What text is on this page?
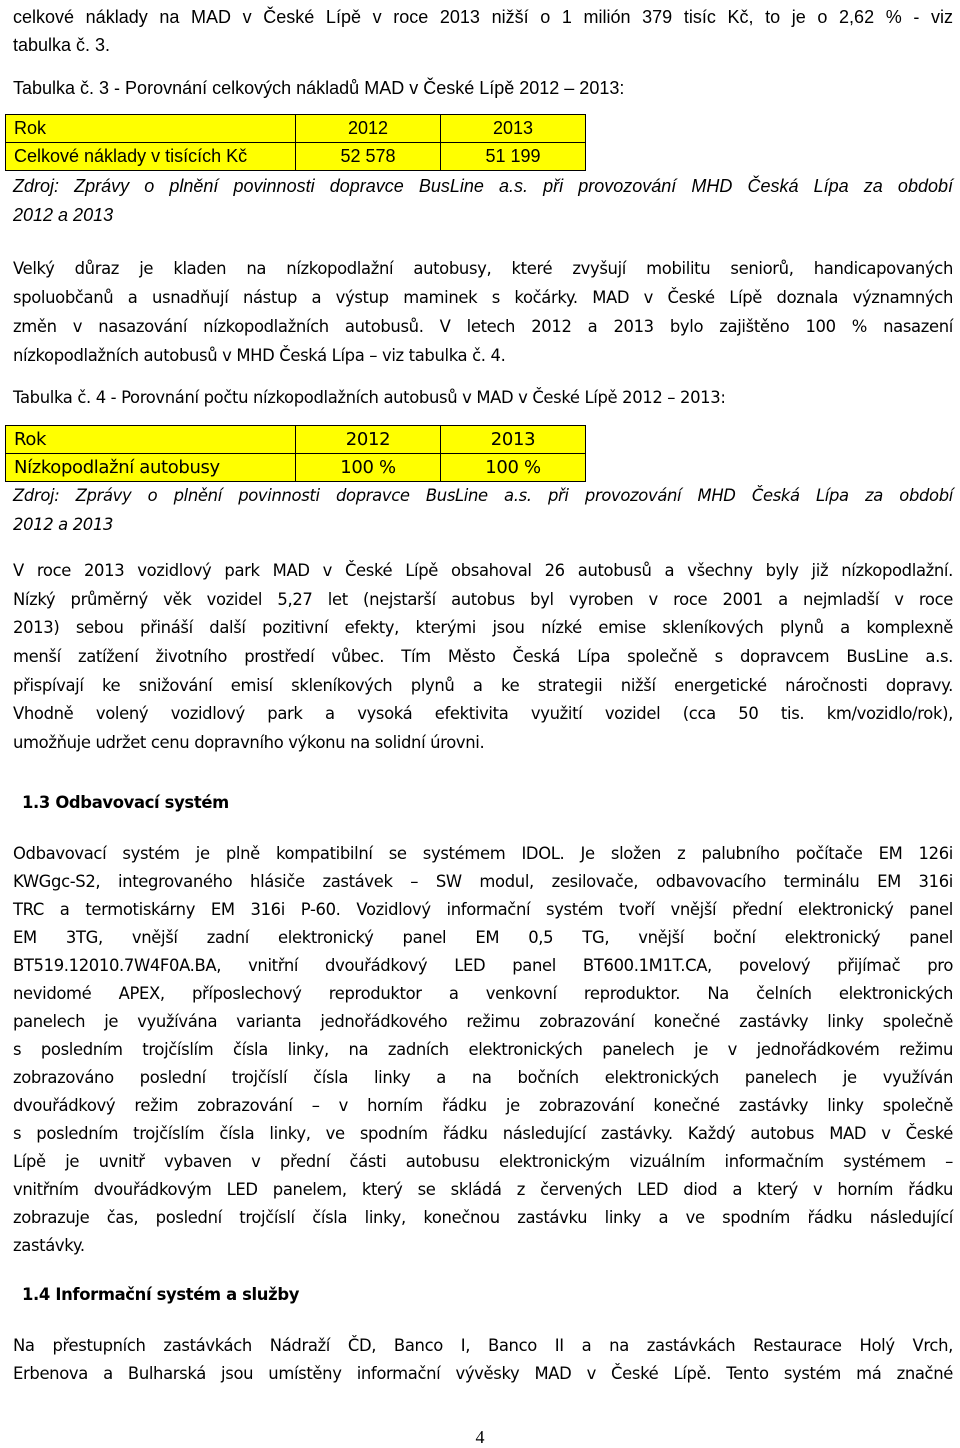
celkové náklady na MAD v České Lípě v roce 2013 nižší o 1 milión 379 tisíc Kč, to je o 2,62 % - viz
tabulka č. 3.
Tabulka č. 3 - Porovnání celkových nákladů MAD v České Lípě 2012 – 2013:
Rok	2012	2013
Celkové náklady v tisících Kč	52 578	51 199
Zdroj: Zprávy o plnění povinnosti dopravce BusLine a.s. při provozování MHD Česká Lípa za období
2012 a 2013
Velký důraz je kladen na nízkopodlažní autobusy, které zvyšují mobilitu seniorů, handicapovaných
spoluobčanů a usnadňují nástup a výstup maminek s kočárky. MAD v České Lípě doznala významných
změn v nasazování nízkopodlažních autobusů. V letech 2012 a 2013 bylo zajištěno 100 % nasazení
nízkopodlažních autobusů v MHD Česká Lípa – viz tabulka č. 4.
Tabulka č. 4 - Porovnání počtu nízkopodlažních autobusů v MAD v České Lípě 2012 – 2013:
Rok	2012	2013
Nízkopodlažní autobusy	100 %	100 %
Zdroj: Zprávy o plnění povinnosti dopravce BusLine a.s. při provozování MHD Česká Lípa za období
2012 a 2013
V roce 2013 vozidlový park MAD v České Lípě obsahoval 26 autobusů a všechny byly již nízkopodlažní.
Nízký průměrný věk vozidel 5,27 let (nejstarší autobus byl vyroben v roce 2001 a nejmladší v roce
2013) sebou přináší další pozitivní efekty, kterými jsou nízké emise skleníkových plynů a komplexně
menší zatížení životního prostředí vůbec. Tím Město Česká Lípa společně s dopravcem BusLine a.s.
přispívají ke snižování emisí skleníkových plynů a ke strategii nižší energetické náročnosti dopravy.
Vhodně volený vozidlový park a vysoká efektivita využití vozidel (cca 50 tis. km/vozidlo/rok),
umožňuje udržet cenu dopravního výkonu na solidní úrovni.
1.3 Odbavovací systém
Odbavovací systém je plně kompatibilní se systémem IDOL. Je složen z palubního počítače EM 126i
KWGgc-S2, integrovaného hlásiče zastávek – SW modul, zesilovače, odbavovacího terminálu EM 316i
TRC a termotiskárny EM 316i P-60. Vozidlový informační systém tvoří vnější přední elektronický panel
EM 3TG, vnější zadní elektronický panel EM 0,5 TG, vnější boční elektronický panel
BT519.12010.7W4F0A.BA, vnitřní dvouřádkový LED panel BT600.1M1T.CA, povelový přijímač pro
nevidomé APEX, příposlechový reproduktor a venkovní reproduktor. Na čelních elektronických
panelech je využívána varianta jednořádkového režimu zobrazování konečné zastávky linky společně
s posledním trojčíslím čísla linky, na zadních elektronických panelech je v jednořádkovém režimu
zobrazováno poslední trojčíslí čísla linky a na bočních elektronických panelech je využíván
dvouřádkový režim zobrazování – v horním řádku je zobrazování konečné zastávky linky společně
s posledním trojčíslím čísla linky, ve spodním řádku následující zastávky. Každý autobus MAD v České
Lípě je uvnitř vybaven v přední části autobusu elektronickým vizuálním informačním systémem –
vnitřním dvouřádkovým LED panelem, který se skládá z červených LED diod a který v horním řádku
zobrazuje čas, poslední trojčíslí čísla linky, konečnou zastávku linky a ve spodním řádku následující
zastávky.
1.4 Informační systém a služby
Na přestupních zastávkách Nádraží ČD, Banco I, Banco II a na zastávkách Restaurace Holý Vrch,
Erbenova a Bulharská jsou umístěny informační vývěsky MAD v České Lípě. Tento systém má značné
4
